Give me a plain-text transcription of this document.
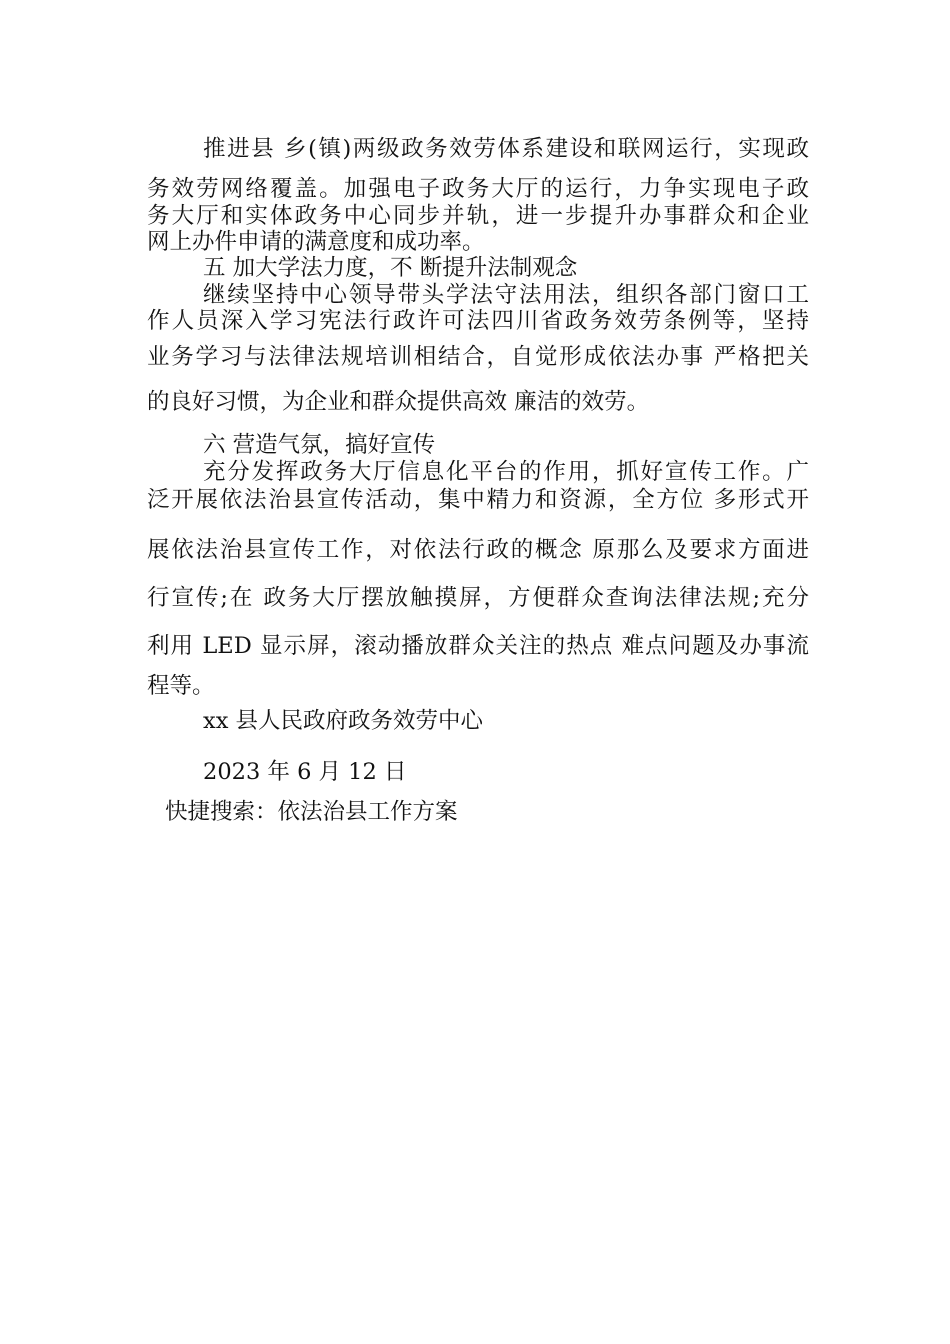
推进县 乡(镇)两级政务效劳体系建设和联网运行，实现政
务效劳网络覆盖。加强电子政务大厅的运行，力争实现电子政
务大厅和实体政务中心同步并轨，进一步提升办事群众和企业
网上办件申请的满意度和成功率。
五 加大学法力度，不 断提升法制观念
继续坚持中心领导带头学法守法用法，组织各部门窗口工
作人员深入学习宪法行政许可法四川省政务效劳条例等，坚持
业务学习与法律法规培训相结合，自觉形成依法办事 严格把关
的良好习惯，为企业和群众提供高效 廉洁的效劳。
六 营造气氛，搞好宣传
充分发挥政务大厅信息化平台的作用，抓好宣传工作。广
泛开展依法治县宣传活动，集中精力和资源，全方位 多形式开
展依法治县宣传工作，对依法行政的概念 原那么及要求方面进
行宣传;在 政务大厅摆放触摸屏，方便群众查询法律法规;充分
利用 LED 显示屏，滚动播放群众关注的热点 难点问题及办事流
程等。
xx 县人民政府政务效劳中心
2023 年 6 月 12 日
快捷搜索：依法治县工作方案
